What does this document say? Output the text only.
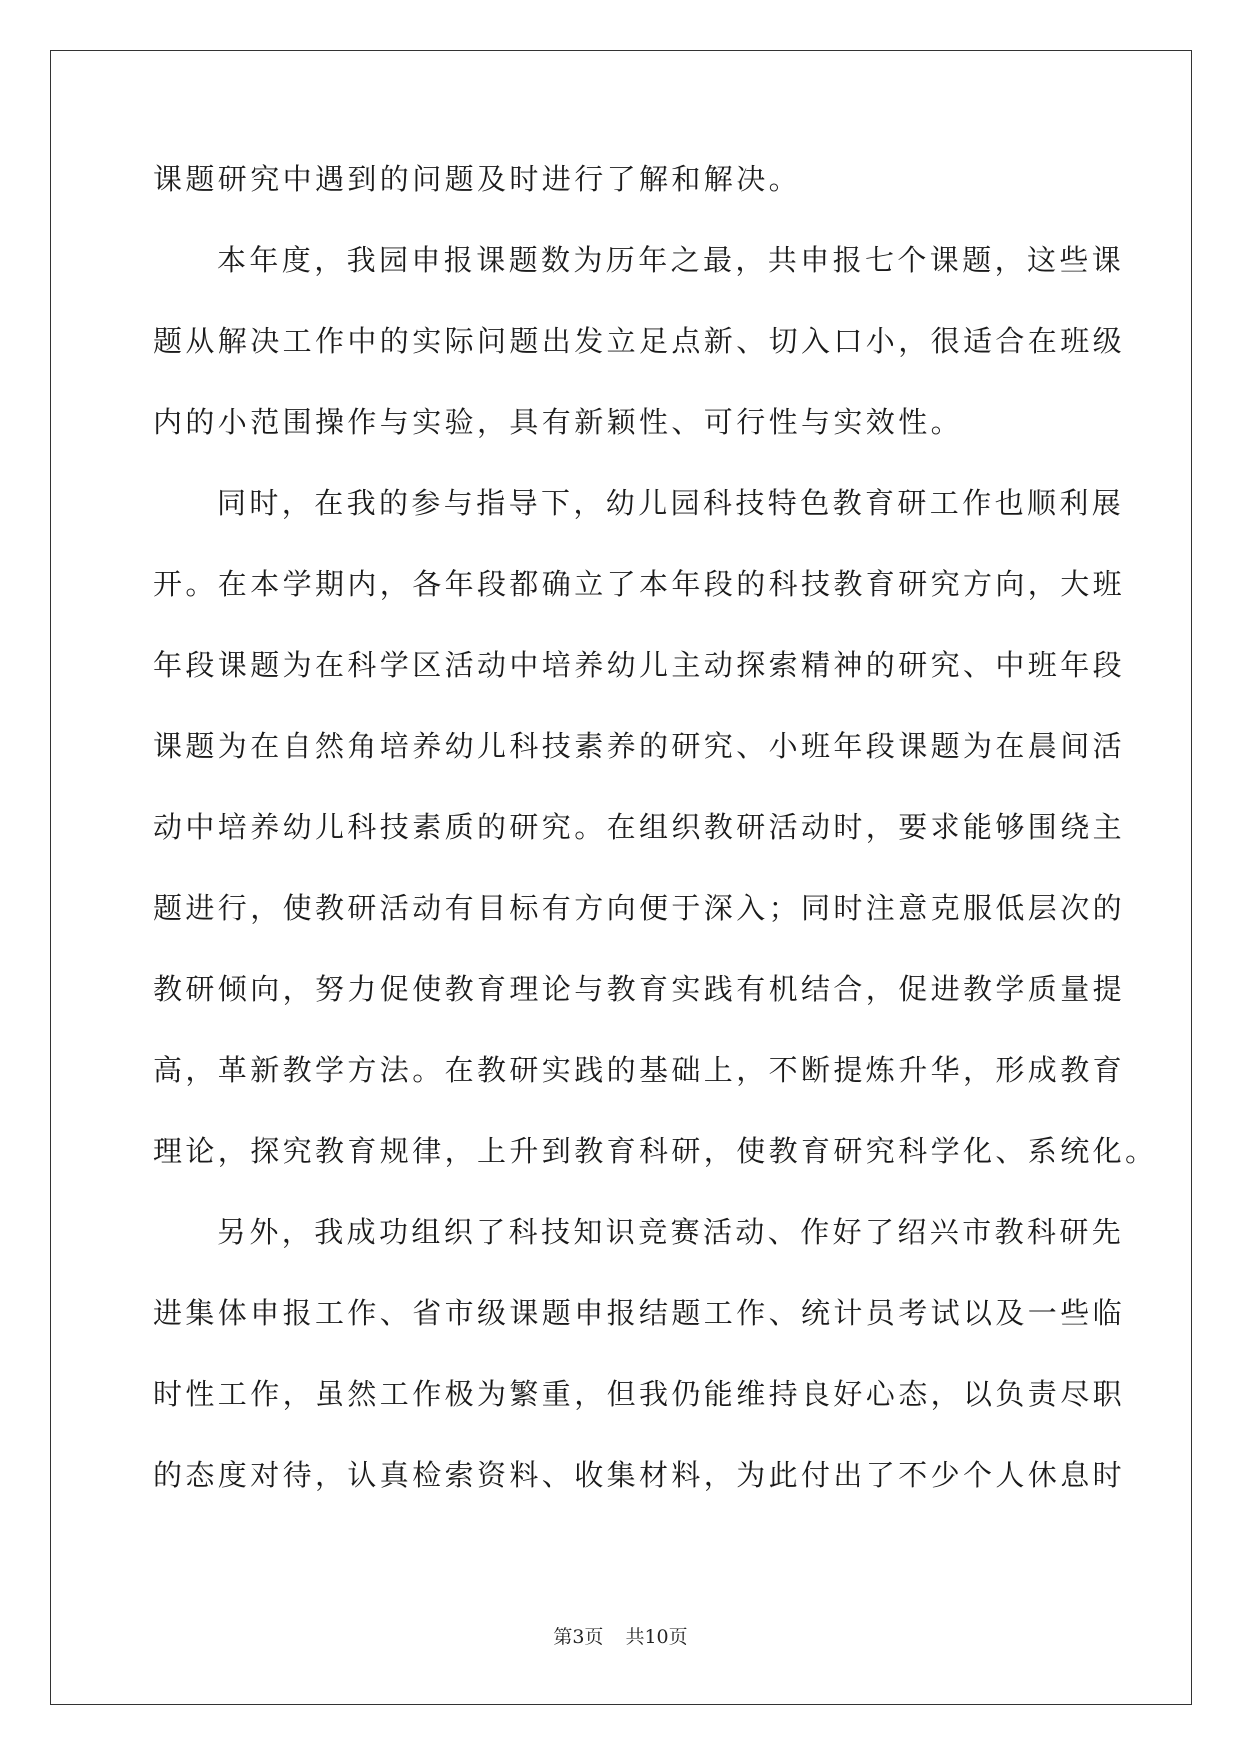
课题研究中遇到的问题及时进行了解和解决。
本年度，我园申报课题数为历年之最，共申报七个课题，这些课
题从解决工作中的实际问题出发立足点新、切入口小，很适合在班级
内的小范围操作与实验，具有新颖性、可行性与实效性。
同时，在我的参与指导下，幼儿园科技特色教育研工作也顺利展
开。在本学期内，各年段都确立了本年段的科技教育研究方向，大班
年段课题为在科学区活动中培养幼儿主动探索精神的研究、中班年段
课题为在自然角培养幼儿科技素养的研究、小班年段课题为在晨间活
动中培养幼儿科技素质的研究。在组织教研活动时，要求能够围绕主
题进行，使教研活动有目标有方向便于深入；同时注意克服低层次的
教研倾向，努力促使教育理论与教育实践有机结合，促进教学质量提
高，革新教学方法。在教研实践的基础上，不断提炼升华，形成教育
理论，探究教育规律，上升到教育科研，使教育研究科学化、系统化。
另外，我成功组织了科技知识竞赛活动、作好了绍兴市教科研先
进集体申报工作、省市级课题申报结题工作、统计员考试以及一些临
时性工作，虽然工作极为繁重，但我仍能维持良好心态，以负责尽职
的态度对待，认真检索资料、收集材料，为此付出了不少个人休息时
第3页 共10页
